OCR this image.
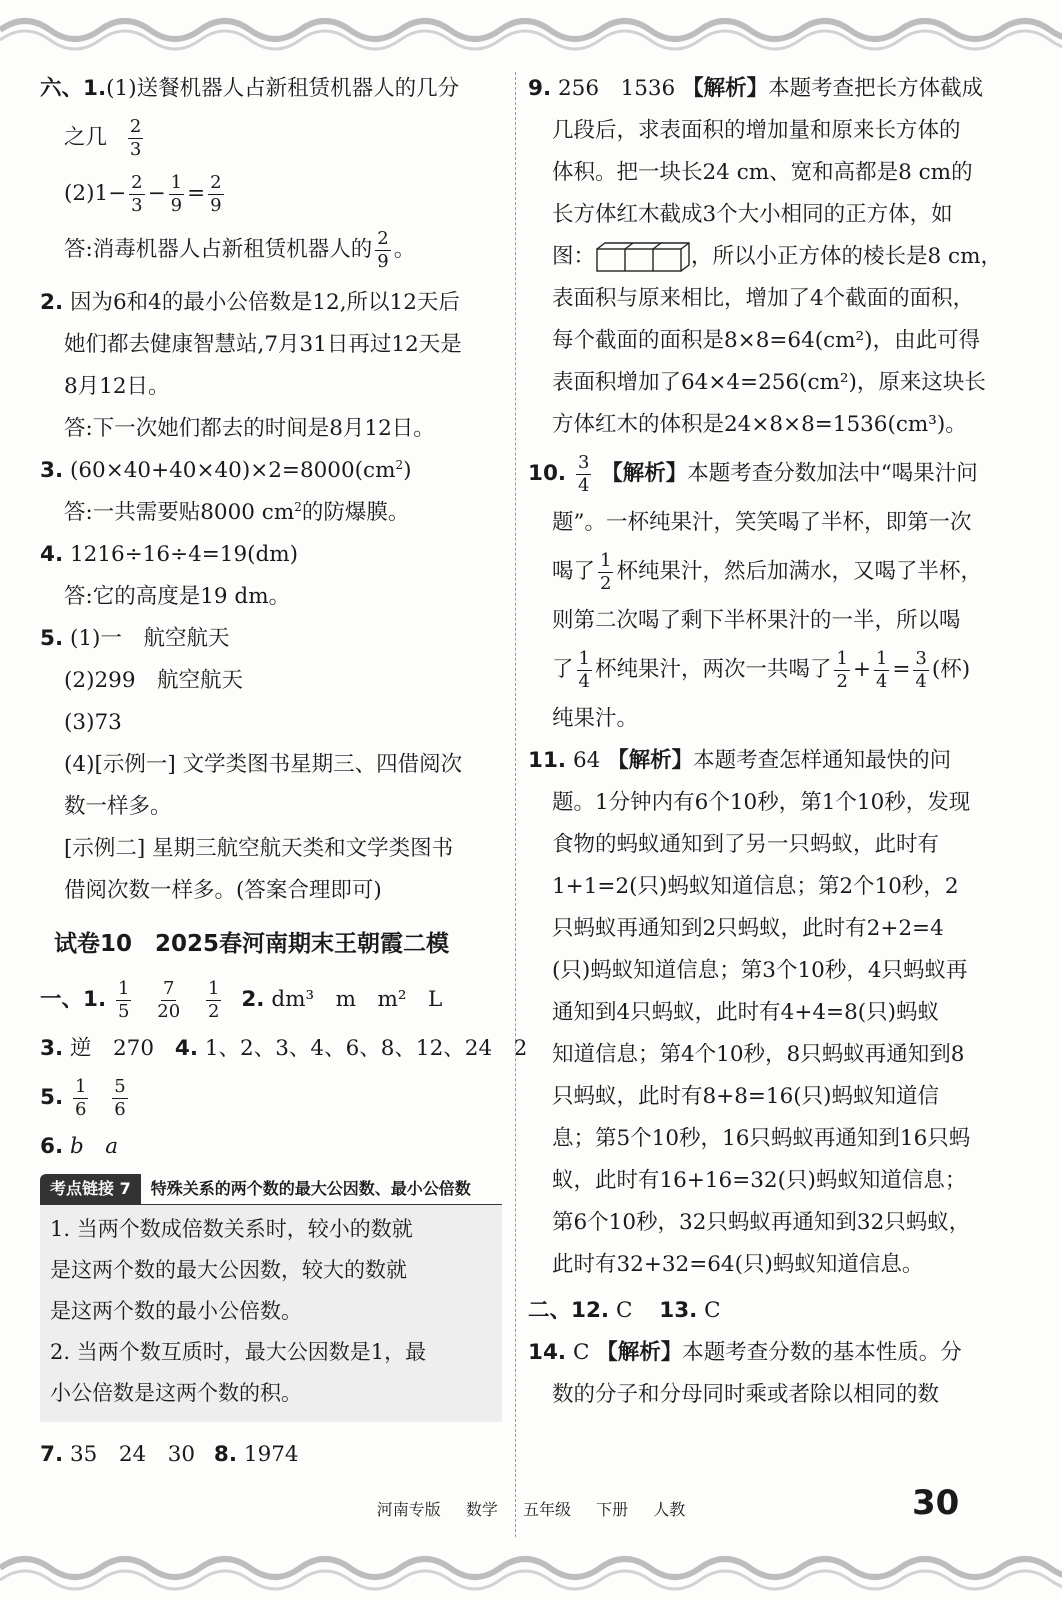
六、1.(1)送餐机器人占新租赁机器人的几分
之几 $\frac{2}{3}$
$(2)1- \frac{2}{3} - \frac{1}{9} = \frac{2}{9}$
答:消毒机器人占新租赁机器人的 $\frac{2}{9}$ 。
2. 因为6和4的最小公倍数是12,所以12天后
她们都去健康智慧站,7月31日再过12天是
8月12日。
答:下一次她们都去的时间是8月12日。
3. $(60\times 40+40\times 40)\times 2=8000(cm^2)$
答:一共需要贴8000 $cm^2$的防爆膜。
4. 1216÷16÷4=19(dm)
答:它的高度是19 dm。
5. (1)一　航空航天
(2)299　航空航天
(3)73
(4)[示例一] 文学类图书星期三、四借阅次
数一样多。
[示例二] 星期三航空航天类和文学类图书
借阅次数一样多。(答案合理即可)
试卷10　2025春河南期末王朝霞二模
一、1. $\frac{1}{5}$
$\frac{7}{20}$
$\frac{1}{2} 2$. dm³　m　m²　L
3. 逆　270 4. 1、2、3、4、6、8、12、24　2
5. $\frac{1}{6}$
$\frac{5}{6}$
6. b　a
考点链接 7	特殊关系的两个数的最大公因数、最小公倍数
1. 当两个数成倍数关系时，较小的数就
是这两个数的最大公因数，较大的数就
是这两个数的最小公倍数。
2. 当两个数互质时，最大公因数是1，最
小公倍数是这两个数的积。
7. 35　24　30 8. 1974
9. 256　1536 【解析】本题考查把长方体截成
几段后，求表面积的增加量和原来长方体的
体积。把一块长24 cm、宽和高都是8 cm的
长方体红木截成3个大小相同的正方体，如
图：	，所以小正方体的棱长是8 cm，
表面积与原来相比，增加了4个截面的面积，
每个截面的面积是8×8=64(cm²)，由此可得
表面积增加了64×4=256(cm²)，原来这块长
方体红木的体积是24×8×8=1536(cm³)。
10. $\frac{3}{4}$ 【解析】本题考查分数加法中“喝果汁问
题”。一杯纯果汁，笑笑喝了半杯，即第一次
喝了 $\frac{1}{2}$ 杯纯果汁，然后加满水，又喝了半杯，
则第二次喝了剩下半杯果汁的一半，所以喝
了 $\frac{1}{4}$ 杯纯果汁，两次一共喝了 $\frac{1}{2} + \frac{1}{4} = \frac{3}{4}$ (杯)
纯果汁。
11. 64 【解析】本题考查怎样通知最快的问
题。1分钟内有6个10秒，第1个10秒，发现
食物的蚂蚁通知到了另一只蚂蚁，此时有
1+1=2(只)蚂蚁知道信息；第2个10秒，2
只蚂蚁再通知到2只蚂蚁，此时有2+2=4
(只)蚂蚁知道信息；第3个10秒，4只蚂蚁再
通知到4只蚂蚁，此时有4+4=8(只)蚂蚁
知道信息；第4个10秒，8只蚂蚁再通知到8
只蚂蚁，此时有8+8=16(只)蚂蚁知道信
息；第5个10秒，16只蚂蚁再通知到16只蚂
蚁，此时有16+16=32(只)蚂蚁知道信息；
第6个10秒，32只蚂蚁再通知到32只蚂蚁，
此时有32+32=64(只)蚂蚁知道信息。
二、12. C 13. C
14. C 【解析】本题考查分数的基本性质。分
数的分子和分母同时乘或者除以相同的数
河南专版 数学 五年级 下册 人教	30
